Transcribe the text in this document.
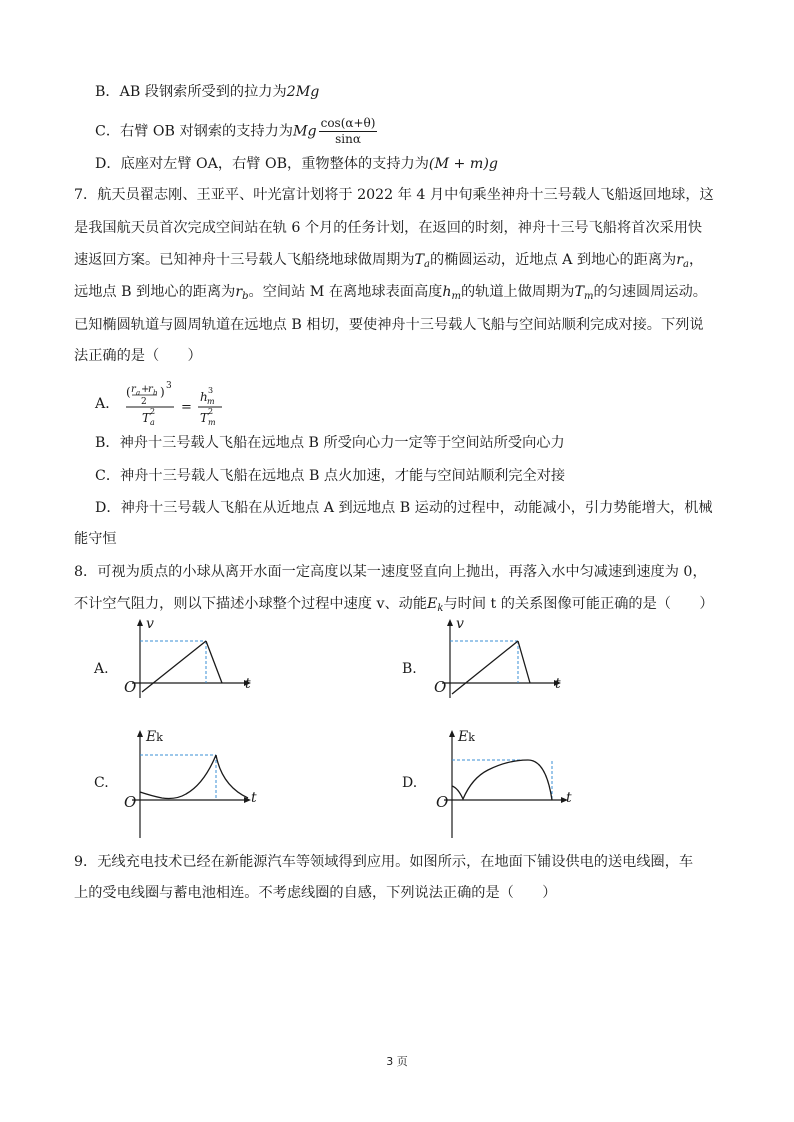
B．AB 段钢索所受到的拉力为2Mg
C．右臂 OB 对钢索的支持力为Mg $\frac{\cos(\alpha+\theta)}{\sin\alpha}$
D．底座对左臂 OA，右臂 OB，重物整体的支持力为(M + m)g
7．航天员翟志刚、王亚平、叶光富计划将于 2022 年 4 月中旬乘坐神舟十三号载人飞船返回地球，这
是我国航天员首次完成空间站在轨 6 个月的任务计划，在返回的时刻，神舟十三号飞船将首次采用快
速返回方案。已知神舟十三号载人飞船绕地球做周期为$T_a$的椭圆运动，近地点 A 到地心的距离为$r_a$，
远地点 B 到地心的距离为$r_b$。空间站 M 在离地球表面高度$h_m$的轨道上做周期为$T_m$的匀速圆周运动。
已知椭圆轨道与圆周轨道在远地点 B 相切，要使神舟十三号载人飞船与空间站顺利完成对接。下列说
法正确的是（　　）
A．
( r a +
r b
2
) 3
T a
2 =
h m
3
T m
2
B．神舟十三号载人飞船在远地点 B 所受向心力一定等于空间站所受向心力
C．神舟十三号载人飞船在远地点 B 点火加速，才能与空间站顺利完全对接
D．神舟十三号载人飞船在从近地点 A 到远地点 B 运动的过程中，动能减小，引力势能增大，机械
能守恒
8．可视为质点的小球从离开水面一定高度以某一速度竖直向上抛出，再落入水中匀减速到速度为 0，
不计空气阻力，则以下描述小球整个过程中速度 v、动能$E_k$与时间 t 的关系图像可能正确的是（　　）
A.
v
t
O
B.
v
t
O
C.
Ek
t
O
D.
Ek
t
O
9．无线充电技术已经在新能源汽车等领域得到应用。如图所示，在地面下铺设供电的送电线圈，车
上的受电线圈与蓄电池相连。不考虑线圈的自感，下列说法正确的是（　　）
3 页
